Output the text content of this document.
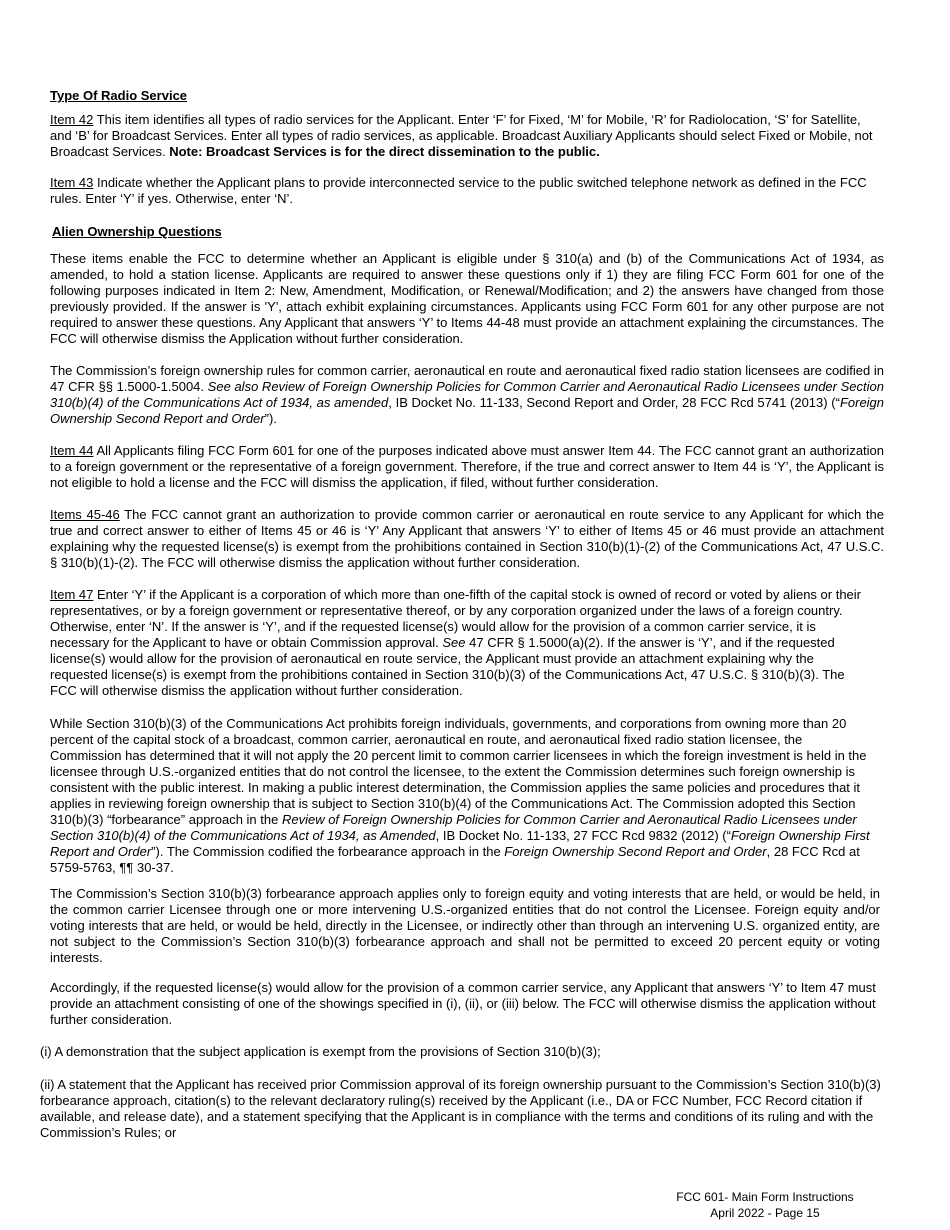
Type Of Radio Service

Item 42 This item identifies all types of radio services for the Applicant. Enter ‘F’ for Fixed, ‘M’ for Mobile, ‘R’ for Radiolocation, ‘S’ for Satellite, and ‘B’ for Broadcast Services. Enter all types of radio services, as applicable. Broadcast Auxiliary Applicants should select Fixed or Mobile, not Broadcast Services. Note: Broadcast Services is for the direct dissemination to the public.

Item 43 Indicate whether the Applicant plans to provide interconnected service to the public switched telephone network as defined in the FCC rules. Enter ‘Y’ if yes. Otherwise, enter ‘N’.

Alien Ownership Questions

These items enable the FCC to determine whether an Applicant is eligible under § 310(a) and (b) of the Communications Act of 1934, as amended, to hold a station license. Applicants are required to answer these questions only if 1) they are filing FCC Form 601 for one of the following purposes indicated in Item 2: New, Amendment, Modification, or Renewal/Modification; and 2) the answers have changed from those previously provided. If the answer is 'Y', attach exhibit explaining circumstances. Applicants using FCC Form 601 for any other purpose are not required to answer these questions. Any Applicant that answers ‘Y’ to Items 44-48 must provide an attachment explaining the circumstances. The FCC will otherwise dismiss the Application without further consideration.

The Commission’s foreign ownership rules for common carrier, aeronautical en route and aeronautical fixed radio station licensees are codified in 47 CFR §§ 1.5000-1.5004. See also Review of Foreign Ownership Policies for Common Carrier and Aeronautical Radio Licensees under Section 310(b)(4) of the Communications Act of 1934, as amended, IB Docket No. 11-133, Second Report and Order, 28 FCC Rcd 5741 (2013) (“Foreign Ownership Second Report and Order”).

Item 44 All Applicants filing FCC Form 601 for one of the purposes indicated above must answer Item 44. The FCC cannot grant an authorization to a foreign government or the representative of a foreign government. Therefore, if the true and correct answer to Item 44 is ‘Y’, the Applicant is not eligible to hold a license and the FCC will dismiss the application, if filed, without further consideration.

Items 45-46 The FCC cannot grant an authorization to provide common carrier or aeronautical en route service to any Applicant for which the true and correct answer to either of Items 45 or 46 is ‘Y’ Any Applicant that answers ‘Y’ to either of Items 45 or 46 must provide an attachment explaining why the requested license(s) is exempt from the prohibitions contained in Section 310(b)(1)-(2) of the Communications Act, 47 U.S.C. § 310(b)(1)-(2). The FCC will otherwise dismiss the application without further consideration.

Item 47 Enter ‘Y’ if the Applicant is a corporation of which more than one-fifth of the capital stock is owned of record or voted by aliens or their representatives, or by a foreign government or representative thereof, or by any corporation organized under the laws of a foreign country. Otherwise, enter ‘N’. If the answer is ‘Y’, and if the requested license(s) would allow for the provision of a common carrier service, it is necessary for the Applicant to have or obtain Commission approval. See 47 CFR § 1.5000(a)(2). If the answer is ‘Y’, and if the requested license(s) would allow for the provision of aeronautical en route service, the Applicant must provide an attachment explaining why the requested license(s) is exempt from the prohibitions contained in Section 310(b)(3) of the Communications Act, 47 U.S.C. § 310(b)(3). The FCC will otherwise dismiss the application without further consideration.

While Section 310(b)(3) of the Communications Act prohibits foreign individuals, governments, and corporations from owning more than 20 percent of the capital stock of a broadcast, common carrier, aeronautical en route, and aeronautical fixed radio station licensee, the Commission has determined that it will not apply the 20 percent limit to common carrier licensees in which the foreign investment is held in the licensee through U.S.-organized entities that do not control the licensee, to the extent the Commission determines such foreign ownership is consistent with the public interest. In making a public interest determination, the Commission applies the same policies and procedures that it applies in reviewing foreign ownership that is subject to Section 310(b)(4) of the Communications Act. The Commission adopted this Section 310(b)(3) “forbearance” approach in the Review of Foreign Ownership Policies for Common Carrier and Aeronautical Radio Licensees under Section 310(b)(4) of the Communications Act of 1934, as Amended, IB Docket No. 11-133, 27 FCC Rcd 9832 (2012) (“Foreign Ownership First Report and Order”). The Commission codified the forbearance approach in the Foreign Ownership Second Report and Order, 28 FCC Rcd at 5759-5763, ¶¶ 30-37.

The Commission’s Section 310(b)(3) forbearance approach applies only to foreign equity and voting interests that are held, or would be held, in the common carrier Licensee through one or more intervening U.S.-organized entities that do not control the Licensee. Foreign equity and/or voting interests that are held, or would be held, directly in the Licensee, or indirectly other than through an intervening U.S. organized entity, are not subject to the Commission’s Section 310(b)(3) forbearance approach and shall not be permitted to exceed 20 percent equity or voting interests.

Accordingly, if the requested license(s) would allow for the provision of a common carrier service, any Applicant that answers ‘Y’ to Item 47 must provide an attachment consisting of one of the showings specified in (i), (ii), or (iii) below. The FCC will otherwise dismiss the application without further consideration.

(i) A demonstration that the subject application is exempt from the provisions of Section 310(b)(3);

(ii) A statement that the Applicant has received prior Commission approval of its foreign ownership pursuant to the Commission’s Section 310(b)(3) forbearance approach, citation(s) to the relevant declaratory ruling(s) received by the Applicant (i.e., DA or FCC Number, FCC Record citation if available, and release date), and a statement specifying that the Applicant is in compliance with the terms and conditions of its ruling and with the Commission’s Rules; or

FCC 601- Main Form Instructions
April 2022 - Page 15
